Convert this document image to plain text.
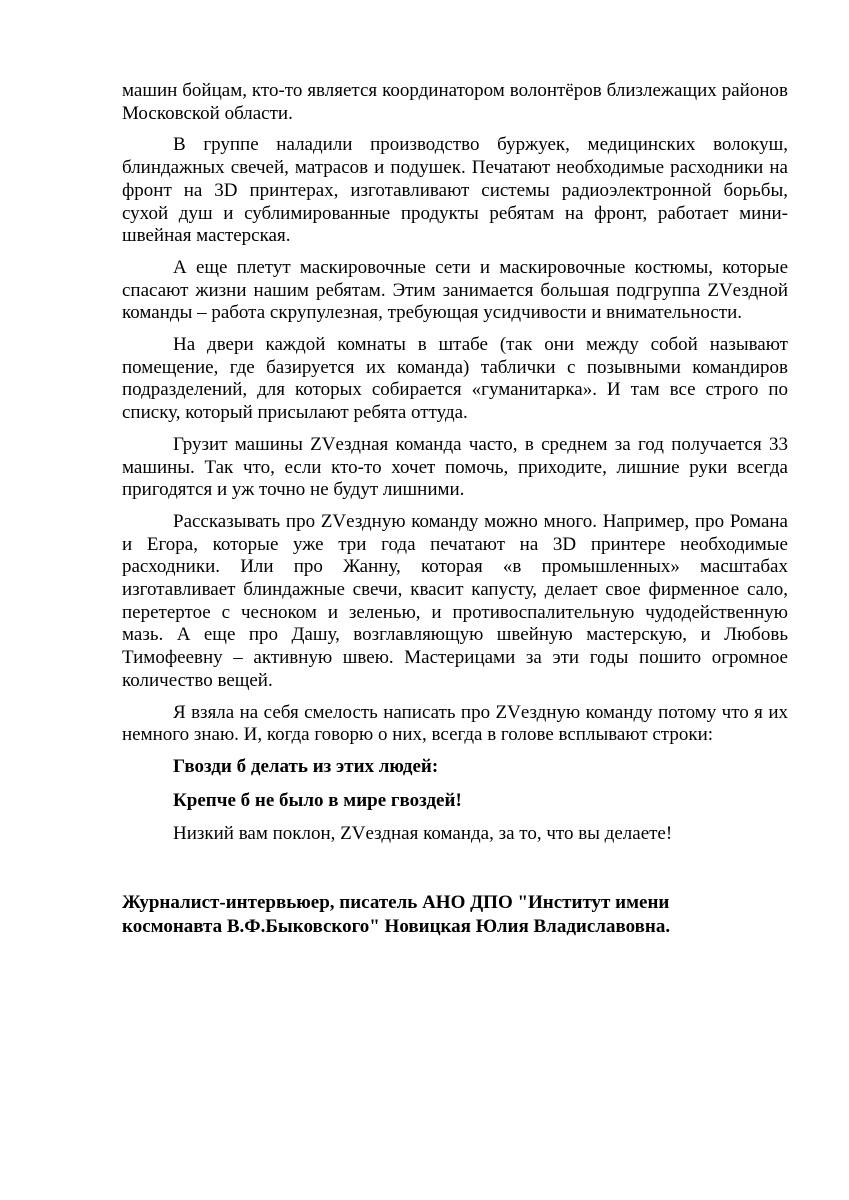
машин бойцам, кто-то является координатором волонтёров близлежащих районов Московской области.

В группе наладили производство буржуек, медицинских волокуш, блиндажных свечей, матрасов и подушек. Печатают необходимые расходники на фронт на 3D принтерах, изготавливают системы радиоэлектронной борьбы, сухой душ и сублимированные продукты ребятам на фронт, работает мини-швейная мастерская.

А еще плетут маскировочные сети и маскировочные костюмы, которые спасают жизни нашим ребятам. Этим занимается большая подгруппа ZVездной команды – работа скрупулезная, требующая усидчивости и внимательности.

На двери каждой комнаты в штабе (так они между собой называют помещение, где базируется их команда) таблички с позывными командиров подразделений, для которых собирается «гуманитарка». И там все строго по списку, который присылают ребята оттуда.

Грузит машины ZVездная команда часто, в среднем за год получается 33 машины. Так что, если кто-то хочет помочь, приходите, лишние руки всегда пригодятся и уж точно не будут лишними.

Рассказывать про ZVездную команду можно много. Например, про Романа и Егора, которые уже три года печатают на 3D принтере необходимые расходники. Или про Жанну, которая «в промышленных» масштабах изготавливает блиндажные свечи, квасит капусту, делает свое фирменное сало, перетертое с чесноком и зеленью, и противоспалительную чудодейственную мазь. А еще про Дашу, возглавляющую швейную мастерскую, и Любовь Тимофеевну – активную швею. Мастерицами за эти годы пошито огромное количество вещей.

Я взяла на себя смелость написать про ZVездную команду потому что я их немного знаю. И, когда говорю о них, всегда в голове всплывают строки:

Гвозди б делать из этих людей:

Крепче б не было в мире гвоздей!

Низкий вам поклон, ZVездная команда, за то, что вы делаете!

Журналист-интервьюер, писатель АНО ДПО "Институт имени
космонавта В.Ф.Быковского" Новицкая Юлия Владиславовна.
